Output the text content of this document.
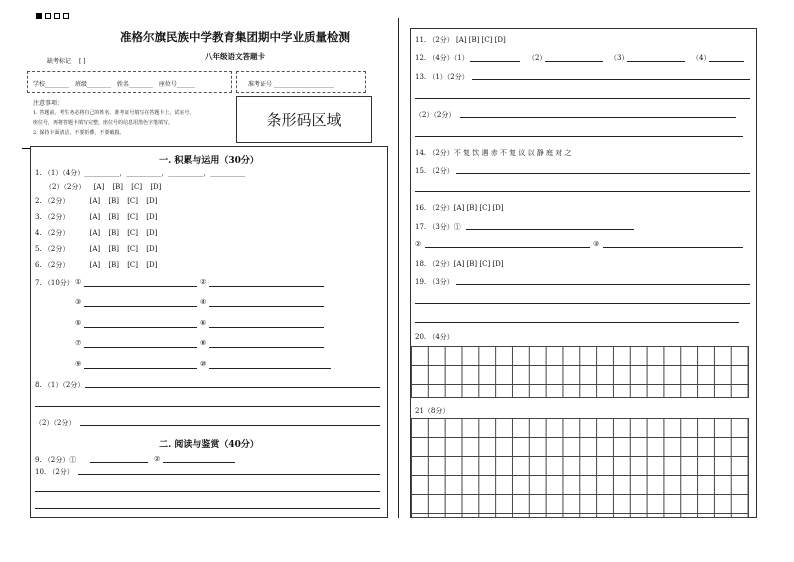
准格尔旗民族中学教育集团期中学业质量检测
八年级语文答题卡
缺考标记 [ ]
学校________ 班级________ 姓名________ 座位号______	准考证号 ____________________
注意事项：
1. 答题前，考生务必将自己的姓名、准考证号填写在答题卡上，试室号、
座位号，再将答题卡填写完整，座位号的信息用黑色字笔填写。
2. 保持卡面清洁，不要折叠，不要破损。
条形码区域
一. 积累与运用（30分）
1. （1）（4分）__________，__________，__________，__________
（2）（2分） [A] [B] [C] [D]
2. （2分）	[A] [B] [C] [D]
3. （2分）	[A] [B] [C] [D]
4. （2分）	[A] [B] [C] [D]
5. （2分）	[A] [B] [C] [D]
6. （2分）	[A] [B] [C] [D]
7. （10分） ①	②
③	④
⑤	⑥
⑦	⑧
⑨	⑩
8. （1）（2分）
（2）（2分）
二. 阅读与鉴赏（40分）
9. （2分）①	②
10. （2分）
11. （2分） [A] [B] [C] [D]
12. （4分）（1）	（2）	（3）	（4）
13. （1）（2分）
（2）（2分）
14. （2分）不 复 饮 遇 赤 不 复 议 以 静 庭 对 之
15. （2分）
16. （2分）[A] [B] [C] [D]
17. （3分）①
②	③
18. （2分）[A] [B] [C] [D]
19. （3分）
20. （4分）
21（8分）
